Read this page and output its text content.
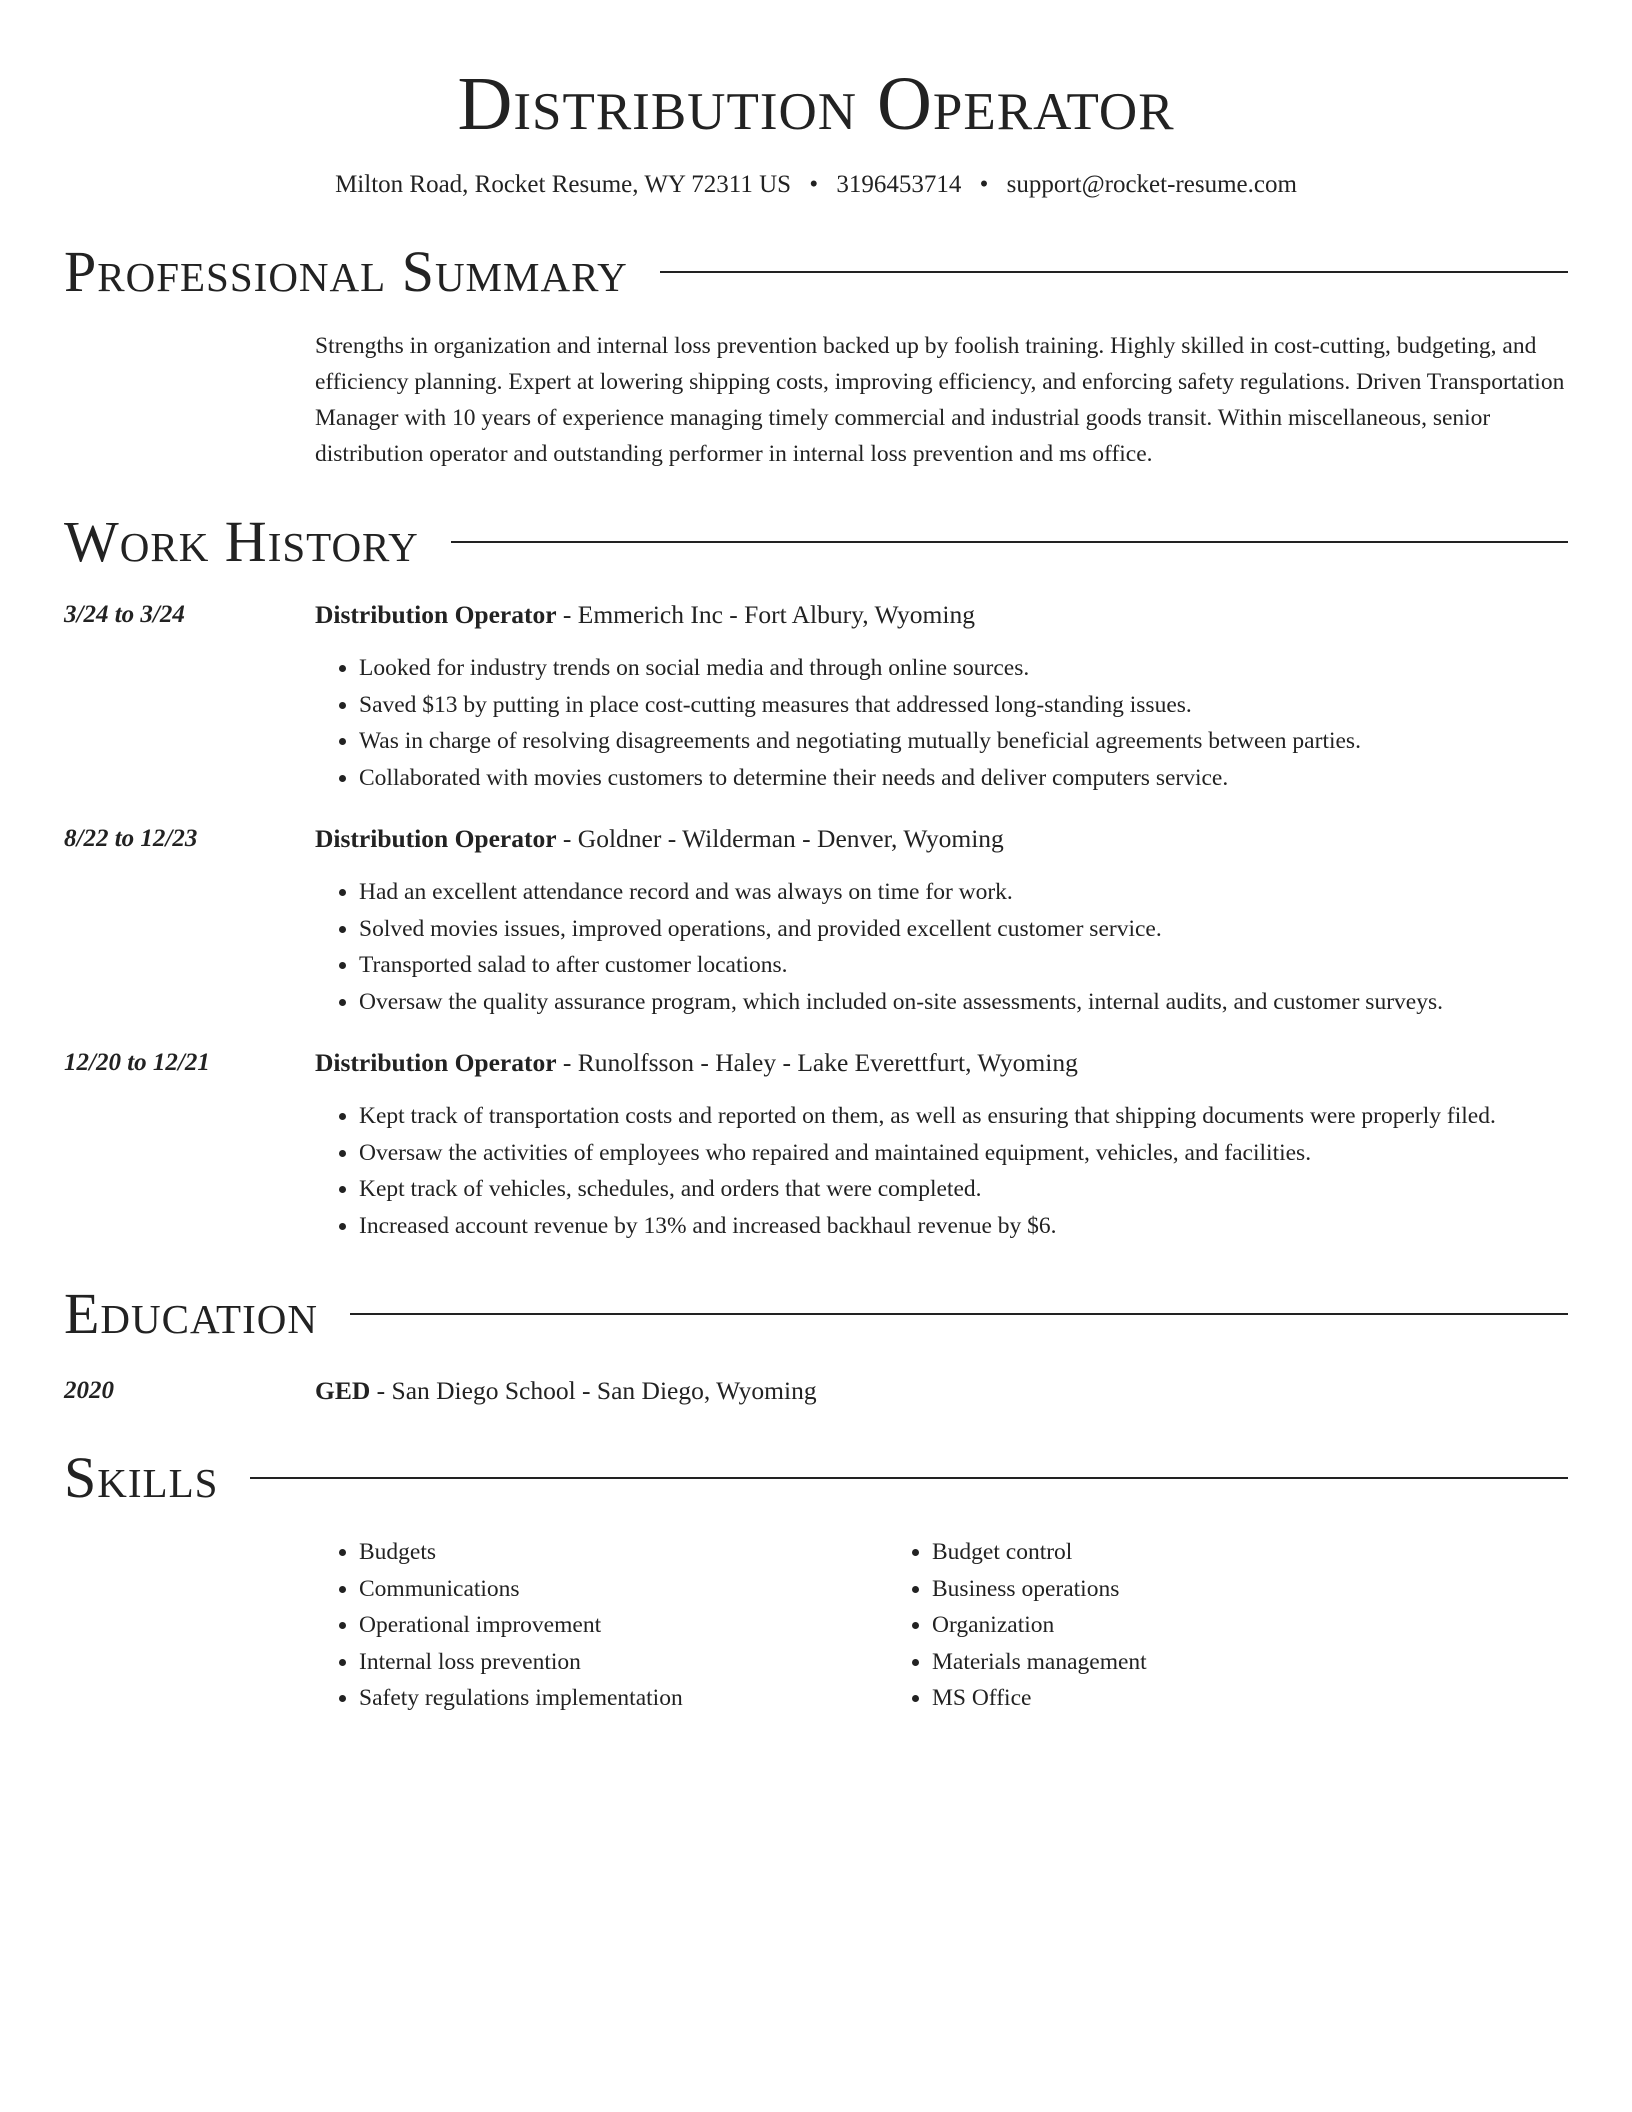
Distribution Operator
Milton Road, Rocket Resume, WY 72311 US • 3196453714 • support@rocket-resume.com
Professional Summary
Strengths in organization and internal loss prevention backed up by foolish training. Highly skilled in cost-cutting, budgeting, and efficiency planning. Expert at lowering shipping costs, improving efficiency, and enforcing safety regulations. Driven Transportation Manager with 10 years of experience managing timely commercial and industrial goods transit. Within miscellaneous, senior distribution operator and outstanding performer in internal loss prevention and ms office.
Work History
3/24 to 3/24	Distribution Operator - Emmerich Inc - Fort Albury, Wyoming
• Looked for industry trends on social media and through online sources.
• Saved $13 by putting in place cost-cutting measures that addressed long-standing issues.
• Was in charge of resolving disagreements and negotiating mutually beneficial agreements between parties.
• Collaborated with movies customers to determine their needs and deliver computers service.
8/22 to 12/23	Distribution Operator - Goldner - Wilderman - Denver, Wyoming
• Had an excellent attendance record and was always on time for work.
• Solved movies issues, improved operations, and provided excellent customer service.
• Transported salad to after customer locations.
• Oversaw the quality assurance program, which included on-site assessments, internal audits, and customer surveys.
12/20 to 12/21	Distribution Operator - Runolfsson - Haley - Lake Everettfurt, Wyoming
• Kept track of transportation costs and reported on them, as well as ensuring that shipping documents were properly filed.
• Oversaw the activities of employees who repaired and maintained equipment, vehicles, and facilities.
• Kept track of vehicles, schedules, and orders that were completed.
• Increased account revenue by 13% and increased backhaul revenue by $6.
Education
2020	GED - San Diego School - San Diego, Wyoming
Skills
• Budgets
• Communications
• Operational improvement
• Internal loss prevention
• Safety regulations implementation
• Budget control
• Business operations
• Organization
• Materials management
• MS Office
